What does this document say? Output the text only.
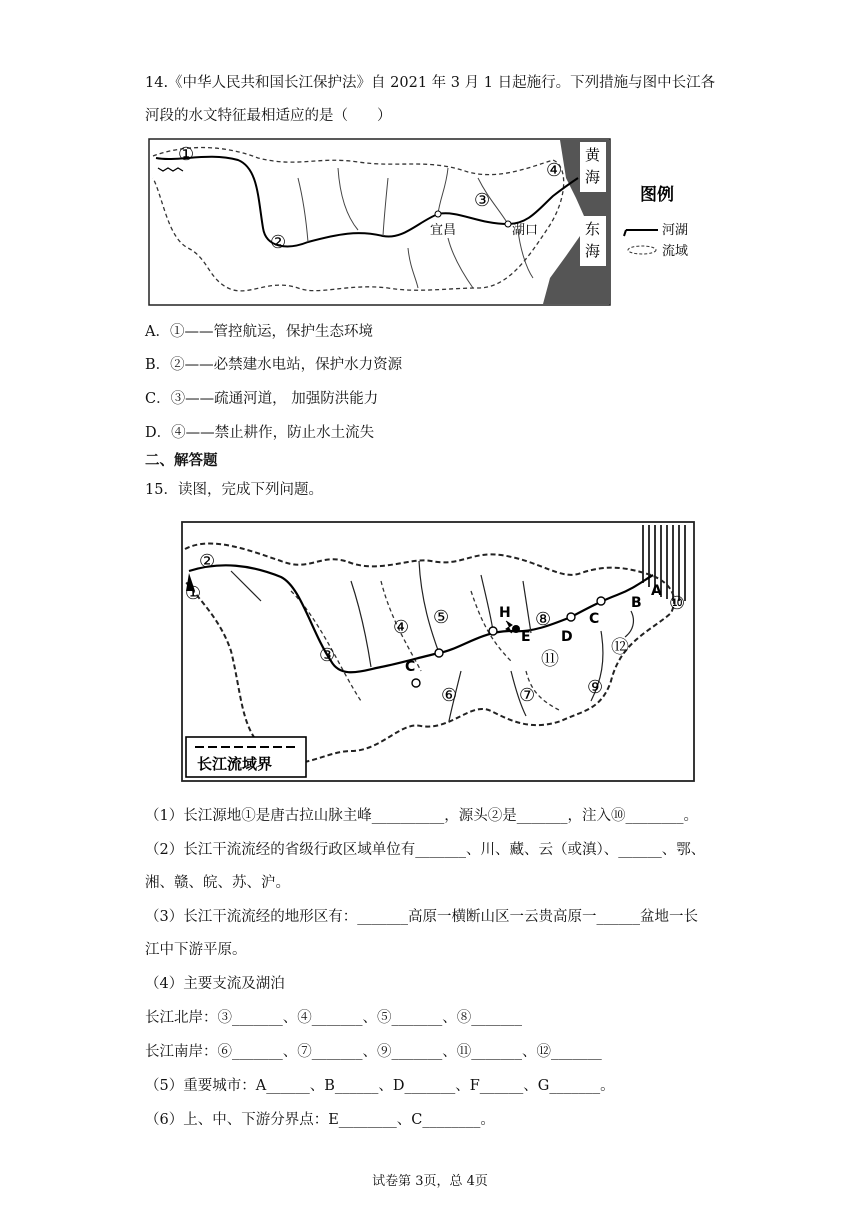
14.《中华人民共和国长江保护法》自 2021 年 3 月 1 日起施行。下列措施与图中长江各
河段的水文特征最相适应的是（　　）
①
②
③
④
宜昌	湖口
黄
海
东
海
图例
河湖
流域
A．①——管控航运，保护生态环境
B．②——必禁建水电站，保护水力资源
C．③——疏通河道， 加强防洪能力
D．④——禁止耕作，防止水土流失
二、解答题
15．读图，完成下列问题。
①
②
③
④ ⑤
⑥	⑦
⑧
⑨
⑩
⑪
⑫
H
E
C
D
C
B
A
长江流域界
（1）长江源地①是唐古拉山脉主峰__________，源头②是_______，注入⑩________。
（2）长江干流流经的省级行政区域单位有_______、川、藏、云（或滇）、______、鄂、
湘、赣、皖、苏、沪。
（3）长江干流流经的地形区有：_______高原一横断山区一云贵高原一______盆地一长
江中下游平原。
（4）主要支流及湖泊
长江北岸：③_______、④_______、⑤_______、⑧_______
长江南岸：⑥_______、⑦_______、⑨_______、⑪_______、⑫_______
（5）重要城市：A______、B______、D_______、F______、G_______。
（6）上、中、下游分界点：E________、C________。
试卷第 3页，总 4页
